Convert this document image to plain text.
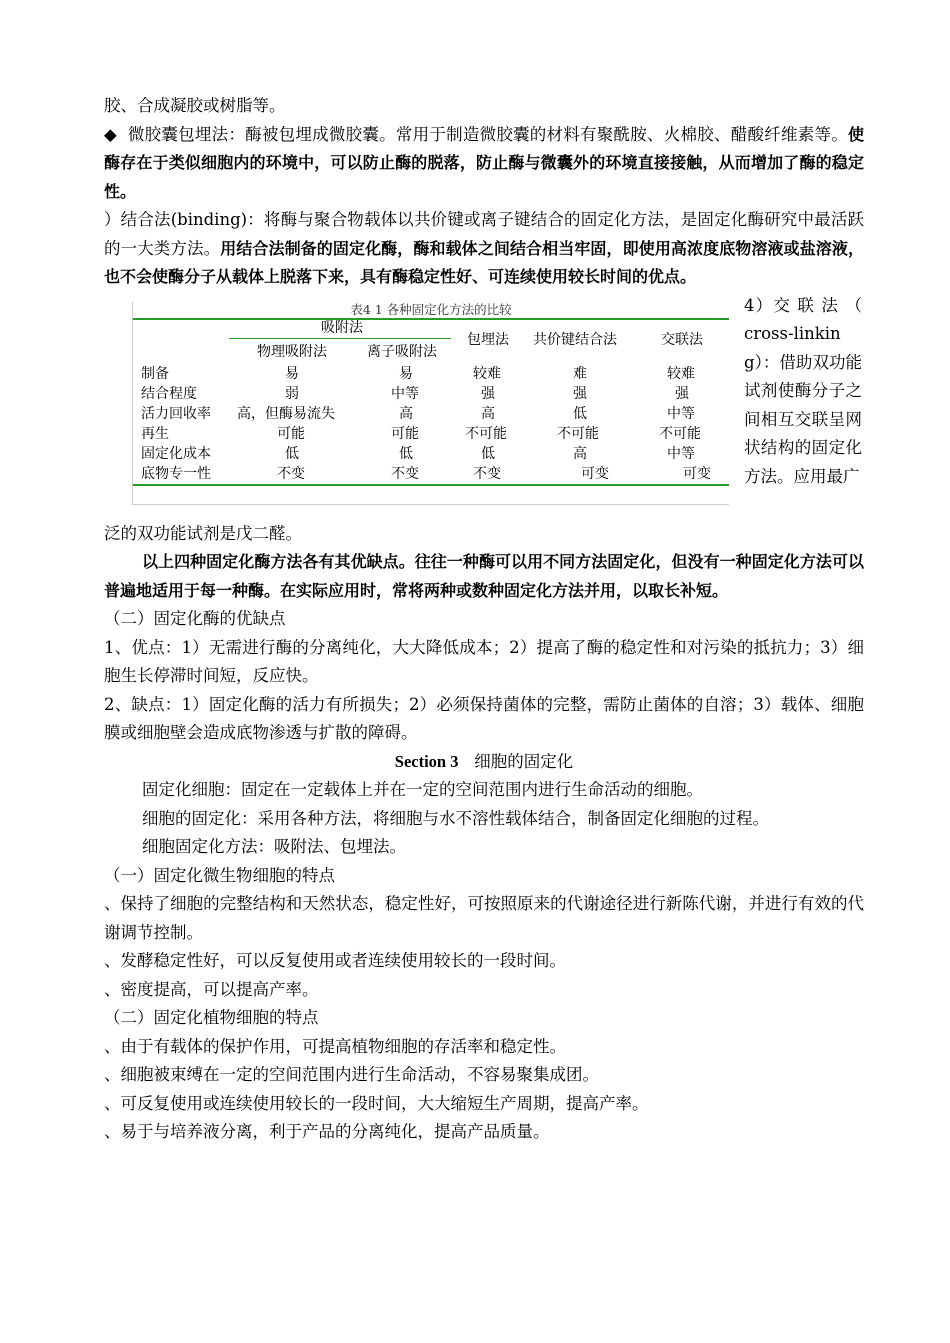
胶、合成凝胶或树脂等。

◆ 微胶囊包埋法：酶被包埋成微胶囊。常用于制造微胶囊的材料有聚酰胺、火棉胶、醋酸纤维素等。使酶存在于类似细胞内的环境中，可以防止酶的脱落，防止酶与微囊外的环境直接接触，从而增加了酶的稳定性。

）结合法(binding)：将酶与聚合物载体以共价键或离子键结合的固定化方法，是固定化酶研究中最活跃的一大类方法。用结合法制备的固定化酶，酶和载体之间结合相当牢固，即使用高浓度底物溶液或盐溶液，也不会使酶分子从载体上脱落下来，具有酶稳定性好、可连续使用较长时间的优点。

表4 1 各种固定化方法的比较
吸附法
物理吸附法	离子吸附法
包埋法 共价键结合法	交联法
制备	易	易	较难	难	较难
结合程度	弱	中等	强	强	强
活力回收率 高，但酶易流失	高	高	低	中等
再生	可能	可能	不可能	不可能	不可能
固定化成本	低	低	低	高	中等
底物专一性	不变	不变	不变	可变	可变
4）交 联 法 （ cross-linking）：借助双功能试剂使酶分子之间相互交联呈网状结构的固定化方法。应用最广

泛的双功能试剂是戊二醛。

以上四种固定化酶方法各有其优缺点。往往一种酶可以用不同方法固定化，但没有一种固定化方法可以普遍地适用于每一种酶。在实际应用时，常将两种或数种固定化方法并用，以取长补短。

（二）固定化酶的优缺点

1、优点：1）无需进行酶的分离纯化，大大降低成本；2）提高了酶的稳定性和对污染的抵抗力；3）细胞生长停滞时间短，反应快。

2、缺点：1）固定化酶的活力有所损失；2）必须保持菌体的完整，需防止菌体的自溶；3）载体、细胞膜或细胞壁会造成底物渗透与扩散的障碍。

Section 3 细胞的固定化

固定化细胞：固定在一定载体上并在一定的空间范围内进行生命活动的细胞。

细胞的固定化：采用各种方法，将细胞与水不溶性载体结合，制备固定化细胞的过程。

细胞固定化方法：吸附法、包埋法。

（一）固定化微生物细胞的特点

、保持了细胞的完整结构和天然状态，稳定性好，可按照原来的代谢途径进行新陈代谢，并进行有效的代谢调节控制。

、发酵稳定性好，可以反复使用或者连续使用较长的一段时间。

、密度提高，可以提高产率。

（二）固定化植物细胞的特点

、由于有载体的保护作用，可提高植物细胞的存活率和稳定性。

、细胞被束缚在一定的空间范围内进行生命活动，不容易聚集成团。

、可反复使用或连续使用较长的一段时间，大大缩短生产周期，提高产率。

、易于与培养液分离，利于产品的分离纯化，提高产品质量。
